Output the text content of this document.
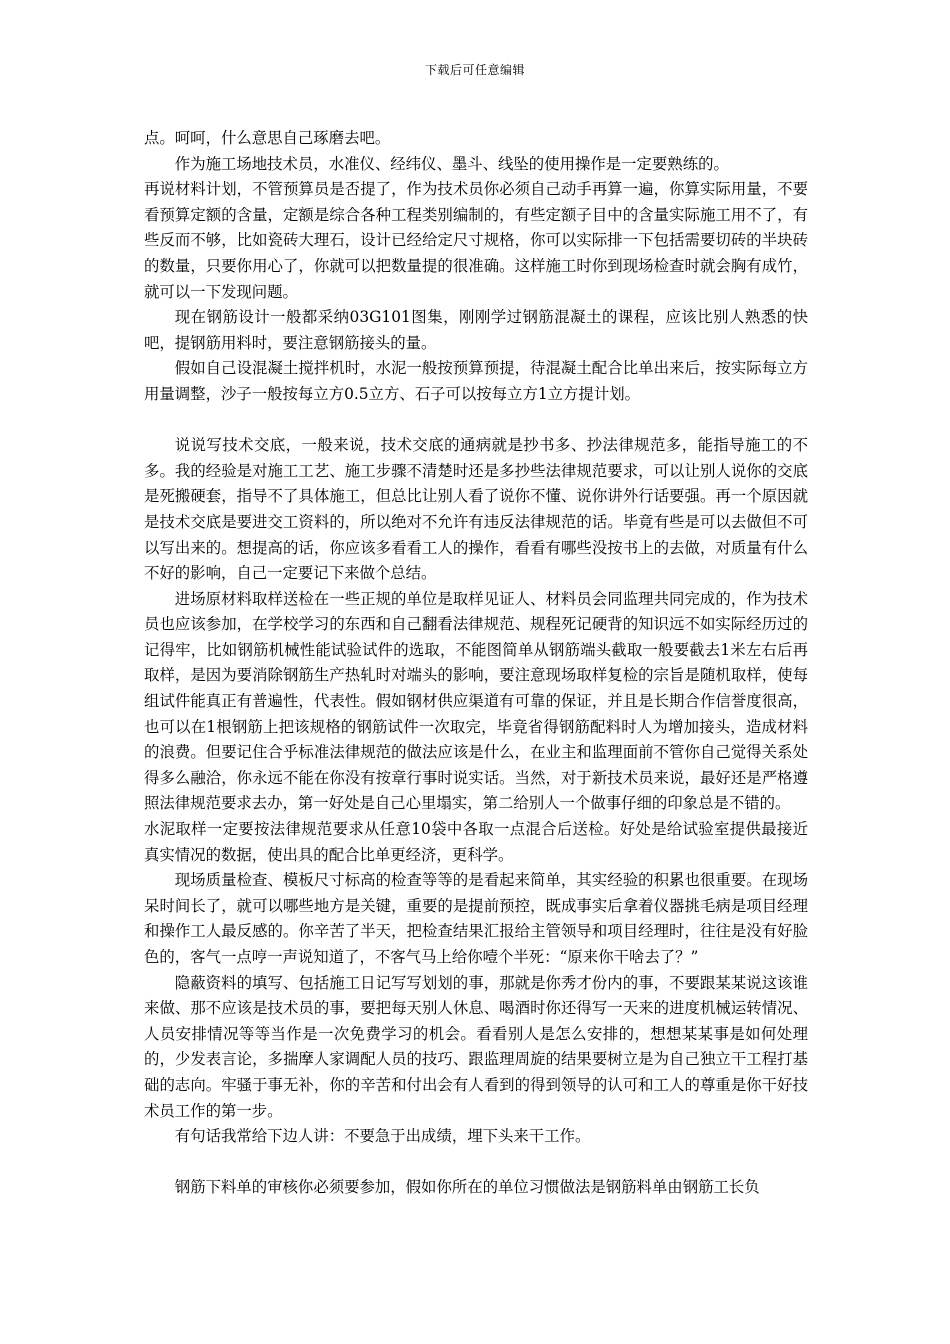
下载后可任意编辑

点。呵呵，什么意思自己琢磨去吧。

作为施工场地技术员，水准仪、经纬仪、墨斗、线坠的使用操作是一定要熟练的。

再说材料计划，不管预算员是否提了，作为技术员你必须自己动手再算一遍，你算实际用量，不要看预算定额的含量，定额是综合各种工程类别编制的，有些定额子目中的含量实际施工用不了，有些反而不够，比如瓷砖大理石，设计已经给定尺寸规格，你可以实际排一下包括需要切砖的半块砖的数量，只要你用心了，你就可以把数量提的很准确。这样施工时你到现场检查时就会胸有成竹，就可以一下发现问题。

现在钢筋设计一般都采纳03G101图集，刚刚学过钢筋混凝土的课程，应该比别人熟悉的快吧，提钢筋用料时，要注意钢筋接头的量。

假如自己设混凝土搅拌机时，水泥一般按预算预提，待混凝土配合比单出来后，按实际每立方用量调整，沙子一般按每立方0.5立方、石子可以按每立方1立方提计划。

说说写技术交底，一般来说，技术交底的通病就是抄书多、抄法律规范多，能指导施工的不多。我的经验是对施工工艺、施工步骤不清楚时还是多抄些法律规范要求，可以让别人说你的交底是死搬硬套，指导不了具体施工，但总比让别人看了说你不懂、说你讲外行话要强。再一个原因就是技术交底是要进交工资料的，所以绝对不允许有违反法律规范的话。毕竟有些是可以去做但不可以写出来的。想提高的话，你应该多看看工人的操作，看看有哪些没按书上的去做，对质量有什么不好的影响，自己一定要记下来做个总结。

进场原材料取样送检在一些正规的单位是取样见证人、材料员会同监理共同完成的，作为技术员也应该参加，在学校学习的东西和自己翻看法律规范、规程死记硬背的知识远不如实际经历过的记得牢，比如钢筋机械性能试验试件的选取，不能图简单从钢筋端头截取一般要截去1米左右后再取样，是因为要消除钢筋生产热轧时对端头的影响，要注意现场取样复检的宗旨是随机取样，使每组试件能真正有普遍性，代表性。假如钢材供应渠道有可靠的保证，并且是长期合作信誉度很高，也可以在1根钢筋上把该规格的钢筋试件一次取完，毕竟省得钢筋配料时人为增加接头，造成材料的浪费。但要记住合乎标准法律规范的做法应该是什么，在业主和监理面前不管你自己觉得关系处得多么融洽，你永远不能在你没有按章行事时说实话。当然，对于新技术员来说，最好还是严格遵照法律规范要求去办，第一好处是自己心里塌实，第二给别人一个做事仔细的印象总是不错的。

水泥取样一定要按法律规范要求从任意10袋中各取一点混合后送检。好处是给试验室提供最接近真实情况的数据，使出具的配合比单更经济，更科学。

现场质量检查、模板尺寸标高的检查等等的是看起来简单，其实经验的积累也很重要。在现场呆时间长了，就可以哪些地方是关键，重要的是提前预控，既成事实后拿着仪器挑毛病是项目经理和操作工人最反感的。你辛苦了半天，把检查结果汇报给主管领导和项目经理时，往往是没有好脸色的，客气一点哼一声说知道了，不客气马上给你噎个半死：“原来你干啥去了？”

隐蔽资料的填写、包括施工日记写写划划的事，那就是你秀才份内的事，不要跟某某说这该谁来做、那不应该是技术员的事，要把每天别人休息、喝酒时你还得写一天来的进度机械运转情况、人员安排情况等等当作是一次免费学习的机会。看看别人是怎么安排的，想想某某事是如何处理的，少发表言论，多揣摩人家调配人员的技巧、跟监理周旋的结果要树立是为自己独立干工程打基础的志向。牢骚于事无补，你的辛苦和付出会有人看到的得到领导的认可和工人的尊重是你干好技术员工作的第一步。

有句话我常给下边人讲：不要急于出成绩，埋下头来干工作。

钢筋下料单的审核你必须要参加，假如你所在的单位习惯做法是钢筋料单由钢筋工长负
